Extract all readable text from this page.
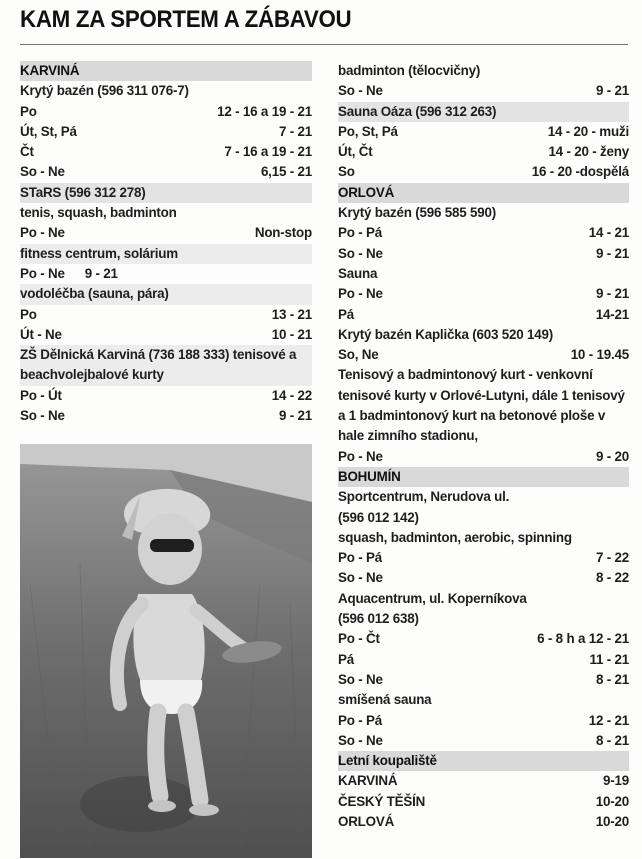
KAM ZA SPORTEM A ZÁBAVOU
KARVINÁ
Krytý bazén (596 311 076-7)
Po	12 - 16 a 19 - 21
Út, St, Pá	7 - 21
Čt	7 - 16 a 19 - 21
So - Ne	6,15 - 21
STaRS (596 312 278)
tenis, squash, badminton
Po - Ne	Non-stop
fitness centrum, solárium
Po - Ne 9 - 21
vodoléčba (sauna, pára)
Po	13 - 21
Út - Ne	10 - 21
ZŠ Dělnická Karviná (736 188 333) tenisové a beachvolejbalové kurty
Po - Út	14 - 22
So - Ne	9 - 21
badminton (tělocvičny)
So - Ne	9 - 21
Sauna Oáza (596 312 263)
Po, St, Pá	14 - 20 - muži
Út, Čt	14 - 20 - ženy
So	16 - 20 -dospělá
ORLOVÁ
Krytý bazén (596 585 590)
Po - Pá	14 - 21
So - Ne	9 - 21
Sauna
Po - Ne	9 - 21
Pá	14-21
Krytý bazén Kaplička (603 520 149)
So, Ne	10 - 19.45
Tenisový a badmintonový kurt - venkovní tenisové kurty v Orlové-Lutyni, dále 1 tenisový a 1 badmintonový kurt na betonové ploše v hale zimního stadionu,
Po - Ne	9 - 20
BOHUMÍN
Sportcentrum, Nerudova ul.
(596 012 142)
squash, badminton, aerobic, spinning
Po - Pá	7 - 22
So - Ne	8 - 22
Aquacentrum, ul. Koperníkova
(596 012 638)
Po - Čt	6 - 8 h a 12 - 21
Pá	11 - 21
So - Ne	8 - 21
smíšená sauna
Po - Pá	12 - 21
So - Ne	8 - 21
Letní koupaliště
KARVINÁ	9-19
ČESKÝ TĚŠÍN	10-20
ORLOVÁ	10-20
